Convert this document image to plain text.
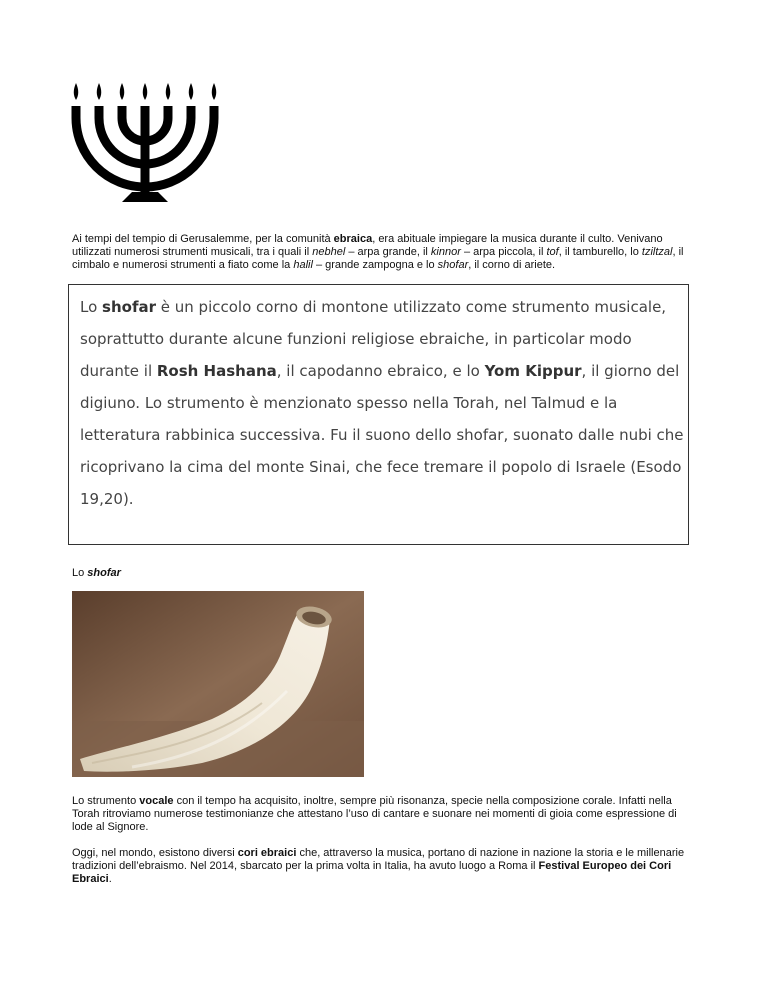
Ai tempi del tempio di Gerusalemme, per la comunità ebraica, era abituale impiegare la musica durante il culto. Venivano utilizzati numerosi strumenti musicali, tra i quali il nebhel – arpa grande, il kinnor – arpa piccola, il tof, il tamburello, lo tziltzal, il cimbalo e numerosi strumenti a fiato come la halil – grande zampogna e lo shofar, il corno di ariete.

Lo shofar è un piccolo corno di montone utilizzato come strumento musicale, soprattutto durante alcune funzioni religiose ebraiche, in particolar modo durante il Rosh Hashana, il capodanno ebraico, e lo Yom Kippur, il giorno del digiuno. Lo strumento è menzionato spesso nella Torah, nel Talmud e la letteratura rabbinica successiva. Fu il suono dello shofar, suonato dalle nubi che ricoprivano la cima del monte Sinai, che fece tremare il popolo di Israele (Esodo 19,20).

Lo shofar

Lo strumento vocale con il tempo ha acquisito, inoltre, sempre più risonanza, specie nella composizione corale. Infatti nella Torah ritroviamo numerose testimonianze che attestano l’uso di cantare e suonare nei momenti di gioia come espressione di lode al Signore.

Oggi, nel mondo, esistono diversi cori ebraici che, attraverso la musica, portano di nazione in nazione la storia e le millenarie tradizioni dell’ebraismo. Nel 2014, sbarcato per la prima volta in Italia, ha avuto luogo a Roma il Festival Europeo dei Cori Ebraici.
